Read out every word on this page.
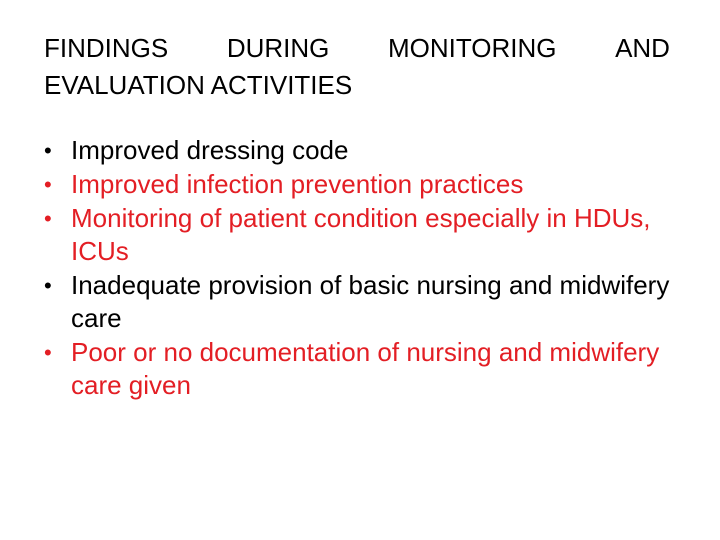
FINDINGS DURING MONITORING AND
EVALUATION ACTIVITIES
• Improved dressing code
• Improved infection prevention practices
• Monitoring of patient condition especially in HDUs, ICUs
• Inadequate provision of basic nursing and midwifery care
• Poor or no documentation of nursing and midwifery care given
